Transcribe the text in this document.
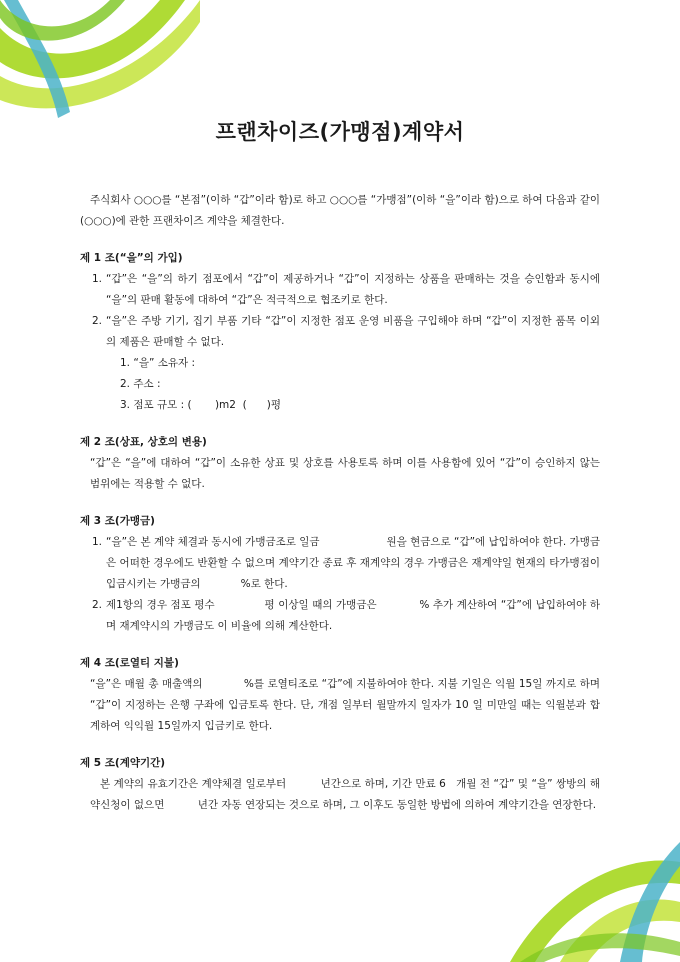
프랜차이즈(가맹점)계약서
주식회사 ○○○를 “본점”(이하 “갑”이라 함)로 하고 ○○○를 “가맹점”(이하 “을”이라 함)으로 하여 다음과 같이 (○○○)에 관한 프랜차이즈 계약을 체결한다.
제 1 조(“을”의 가입)
1. “갑”은 “을”의 하기 점포에서 “갑”이 제공하거나 “갑”이 지정하는 상품을 판매하는 것을 승인함과 동시에 “을”의 판매 활동에 대하여 “갑”은 적극적으로 협조키로 한다.
2. “을”은 주방 기기, 집기 부품 기타 “갑”이 지정한 점포 운영 비품을 구입해야 하며 “갑”이 지정한 품목 이외의 제품은 판매할 수 없다.
1. “을” 소유자 :
2. 주소 :
3. 점포 규모 : (       )m2  (      )평
제 2 조(상표, 상호의 변용)
“갑”은 “을”에 대하여 “갑”이 소유한 상표 및 상호를 사용토록 하며 이를 사용함에 있어 “갑”이 승인하지 않는 범위에는 적용할 수 없다.
제 3 조(가맹금)
1. “을”은 본 계약 체결과 동시에 가맹금조로 일금                    원을 현금으로 “갑”에 납입하여야 한다. 가맹금은 어떠한 경우에도 반환할 수 없으며 계약기간 종료 후 재계약의 경우 가맹금은 재계약일 현재의 타가맹점이 입금시키는 가맹금의            %로 한다.
2. 제1항의 경우 점포 평수              평 이상일 때의 가맹금은            % 추가 계산하여 “갑”에 납입하여야 하며 재계약시의 가맹금도 이 비율에 의해 계산한다.
제 4 조(로열티 지불)
“을”은 매월 총 매출액의            %를 로열티조로 “갑”에 지불하여야 한다. 지불 기일은 익월 15일 까지로 하며 “갑”이 지정하는 은행 구좌에 입금토록 한다. 단, 개점 일부터 월말까지 일자가 10 일 미만일 때는 익월분과 합계하여 익익월 15일까지 입금키로 한다.
제 5 조(계약기간)
본 계약의 유효기간은 계약체결 일로부터          년간으로 하며, 기간 만료 6   개월 전 “갑” 및 “을” 쌍방의 해약신청이 없으면          년간 자동 연장되는 것으로 하며, 그 이후도 동일한 방법에 의하여 계약기간을 연장한다.
